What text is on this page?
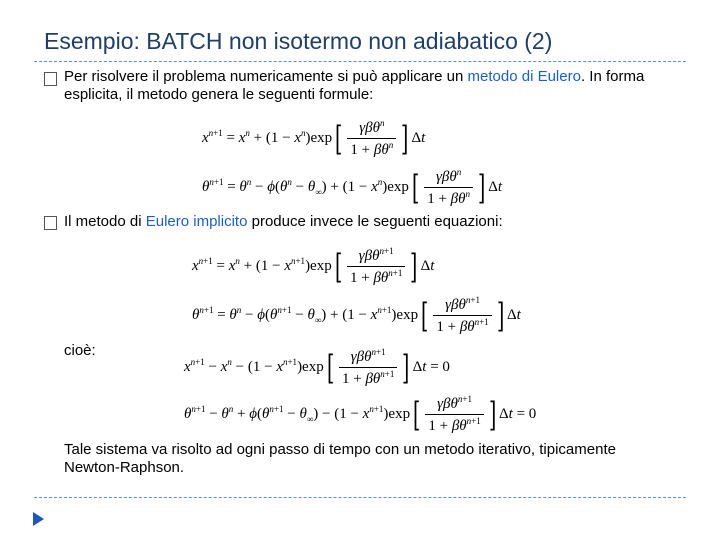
Esempio: BATCH non isotermo non adiabatico (2)
Per risolvere il problema numericamente si può applicare un metodo di Eulero. In forma esplicita, il metodo genera le seguenti formule:
$x^{n+1} = x^n + (1 - x^n)\exp[ \frac{\gamma\beta\theta^n}{1 + \beta\theta^n}$ ] Δt
$\theta^{n+1} = \theta^n - \phi(\theta^n - \theta_\infty) + (1 - x^n)\exp[ \frac{\gamma\beta\theta^n}{1 + \beta\theta^n}$ ] Δt
Il metodo di Eulero implicito produce invece le seguenti equazioni:
$x^{n+1} = x^n + (1 - x^{n+1})\exp[ \frac{\gamma\beta\theta^{n+1}}{1 + \beta\theta^{n+1}}$ ] Δt
$\theta^{n+1} = \theta^n - \phi(\theta^{n+1} - \theta_\infty) + (1 - x^{n+1})\exp[ \frac{\gamma\beta\theta^{n+1}}{1 + \beta\theta^{n+1}}$ ] Δt
cioè:
$x^{n+1} - x^n - (1 - x^{n+1})\exp[ \frac{\gamma\beta\theta^{n+1}}{1 + \beta\theta^{n+1}}$ ] Δt = 0
$\theta^{n+1} - \theta^n + \phi(\theta^{n+1} - \theta_\infty) - (1 - x^{n+1})\exp[ \frac{\gamma\beta\theta^{n+1}}{1 + \beta\theta^{n+1}}$ ] Δt = 0
Tale sistema va risolto ad ogni passo di tempo con un metodo iterativo, tipicamente Newton-Raphson.
